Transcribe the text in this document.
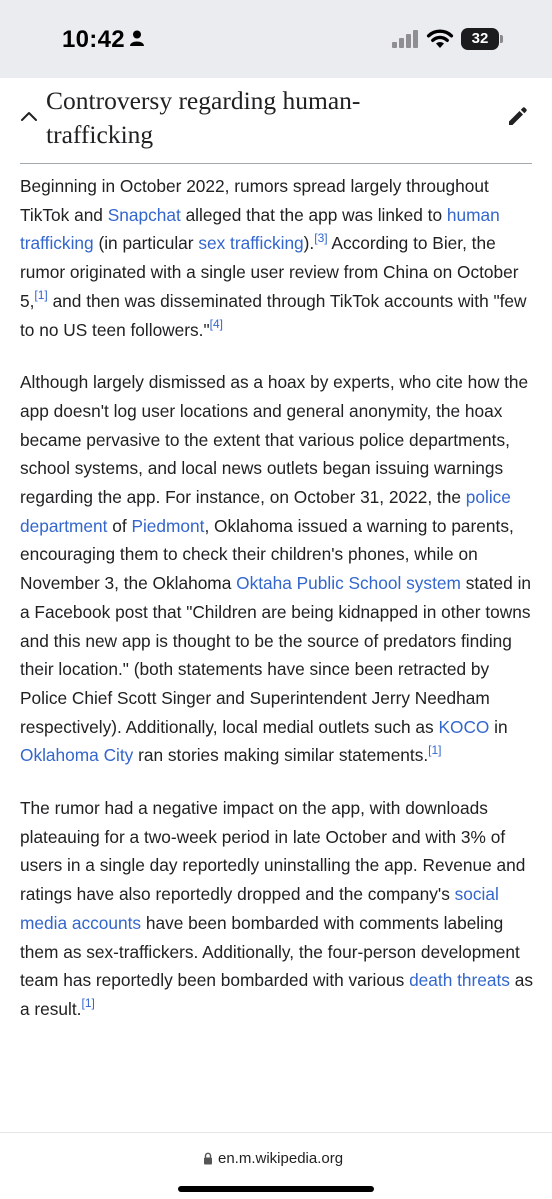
10:42	32
Controversy regarding human-trafficking

Beginning in October 2022, rumors spread largely throughout TikTok and Snapchat alleged that the app was linked to human trafficking (in particular sex trafficking).[3] According to Bier, the rumor originated with a single user review from China on October 5,[1] and then was disseminated through TikTok accounts with "few to no US teen followers."[4]

Although largely dismissed as a hoax by experts, who cite how the app doesn't log user locations and general anonymity, the hoax became pervasive to the extent that various police departments, school systems, and local news outlets began issuing warnings regarding the app. For instance, on October 31, 2022, the police department of Piedmont, Oklahoma issued a warning to parents, encouraging them to check their children's phones, while on November 3, the Oklahoma Oktaha Public School system stated in a Facebook post that "Children are being kidnapped in other towns and this new app is thought to be the source of predators finding their location." (both statements have since been retracted by Police Chief Scott Singer and Superintendent Jerry Needham respectively). Additionally, local medial outlets such as KOCO in Oklahoma City ran stories making similar statements.[1]

The rumor had a negative impact on the app, with downloads plateauing for a two-week period in late October and with 3% of users in a single day reportedly uninstalling the app. Revenue and ratings have also reportedly dropped and the company's social media accounts have been bombarded with comments labeling them as sex-traffickers. Additionally, the four-person development team has reportedly been bombarded with various death threats as a result.[1]

en.m.wikipedia.org
